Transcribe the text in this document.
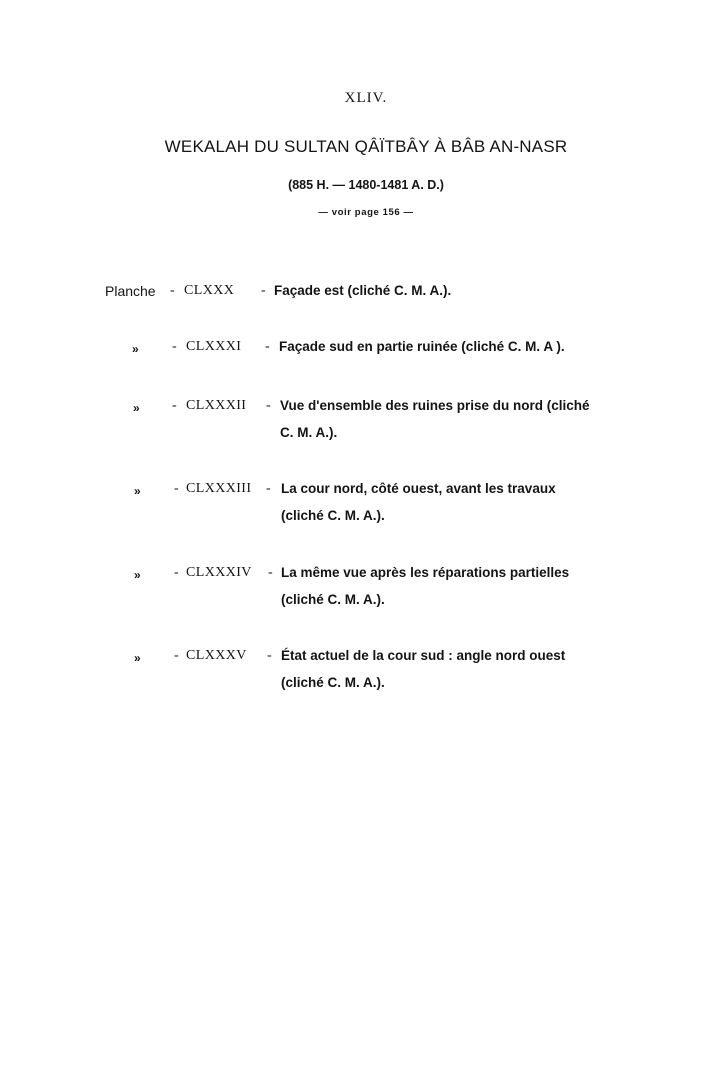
XLIV.
WEKALAH DU SULTAN QÂÏTBÂY À BÂB AN-NASR
(885 H. — 1480-1481 A. D.)
— voir page 156 —
Planche - CLXXX - Façade est (cliché C. M. A.).
» - CLXXXI - Façade sud en partie ruinée (cliché C. M. A ).
» - CLXXXII - Vue d'ensemble des ruines prise du nord (cliché
C. M. A.).
» - CLXXXIII - La cour nord, côté ouest, avant les travaux
(cliché C. M. A.).
» - CLXXXIV - La même vue après les réparations partielles
(cliché C. M. A.).
» - CLXXXV - État actuel de la cour sud : angle nord ouest
(cliché C. M. A.).
